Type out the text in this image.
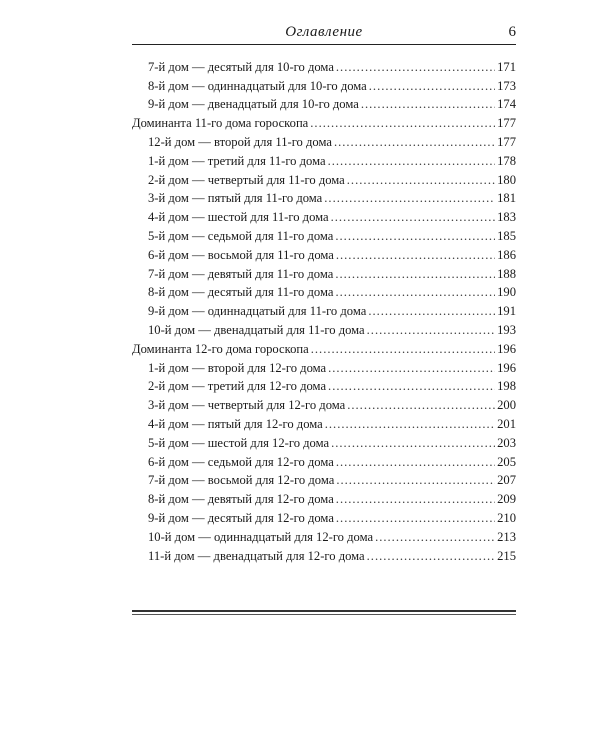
Оглавление	6
7-й дом — десятый для 10-го дома .....	171
8-й дом — одиннадцатый для 10-го дома .....	173
9-й дом — двенадцатый для 10-го дома .....	174
Доминанта 11-го дома гороскопа .....	177
12-й дом — второй для 11-го дома .....	177
1-й дом — третий для 11-го дома .....	178
2-й дом — четвертый для 11-го дома .....	180
3-й дом — пятый для 11-го дома .....	181
4-й дом — шестой для 11-го дома .....	183
5-й дом — седьмой для 11-го дома .....	185
6-й дом — восьмой для 11-го дома .....	186
7-й дом — девятый для 11-го дома .....	188
8-й дом — десятый для 11-го дома .....	190
9-й дом — одиннадцатый для 11-го дома .....	191
10-й дом — двенадцатый для 11-го дома .....	193
Доминанта 12-го дома гороскопа .....	196
1-й дом — второй для 12-го дома .....	196
2-й дом — третий для 12-го дома .....	198
3-й дом — четвертый для 12-го дома .....	200
4-й дом — пятый для 12-го дома .....	201
5-й дом — шестой для 12-го дома .....	203
6-й дом — седьмой для 12-го дома .....	205
7-й дом — восьмой для 12-го дома .....	207
8-й дом — девятый для 12-го дома .....	209
9-й дом — десятый для 12-го дома .....	210
10-й дом — одиннадцатый для 12-го дома .....	213
11-й дом — двенадцатый для 12-го дома .....	215
